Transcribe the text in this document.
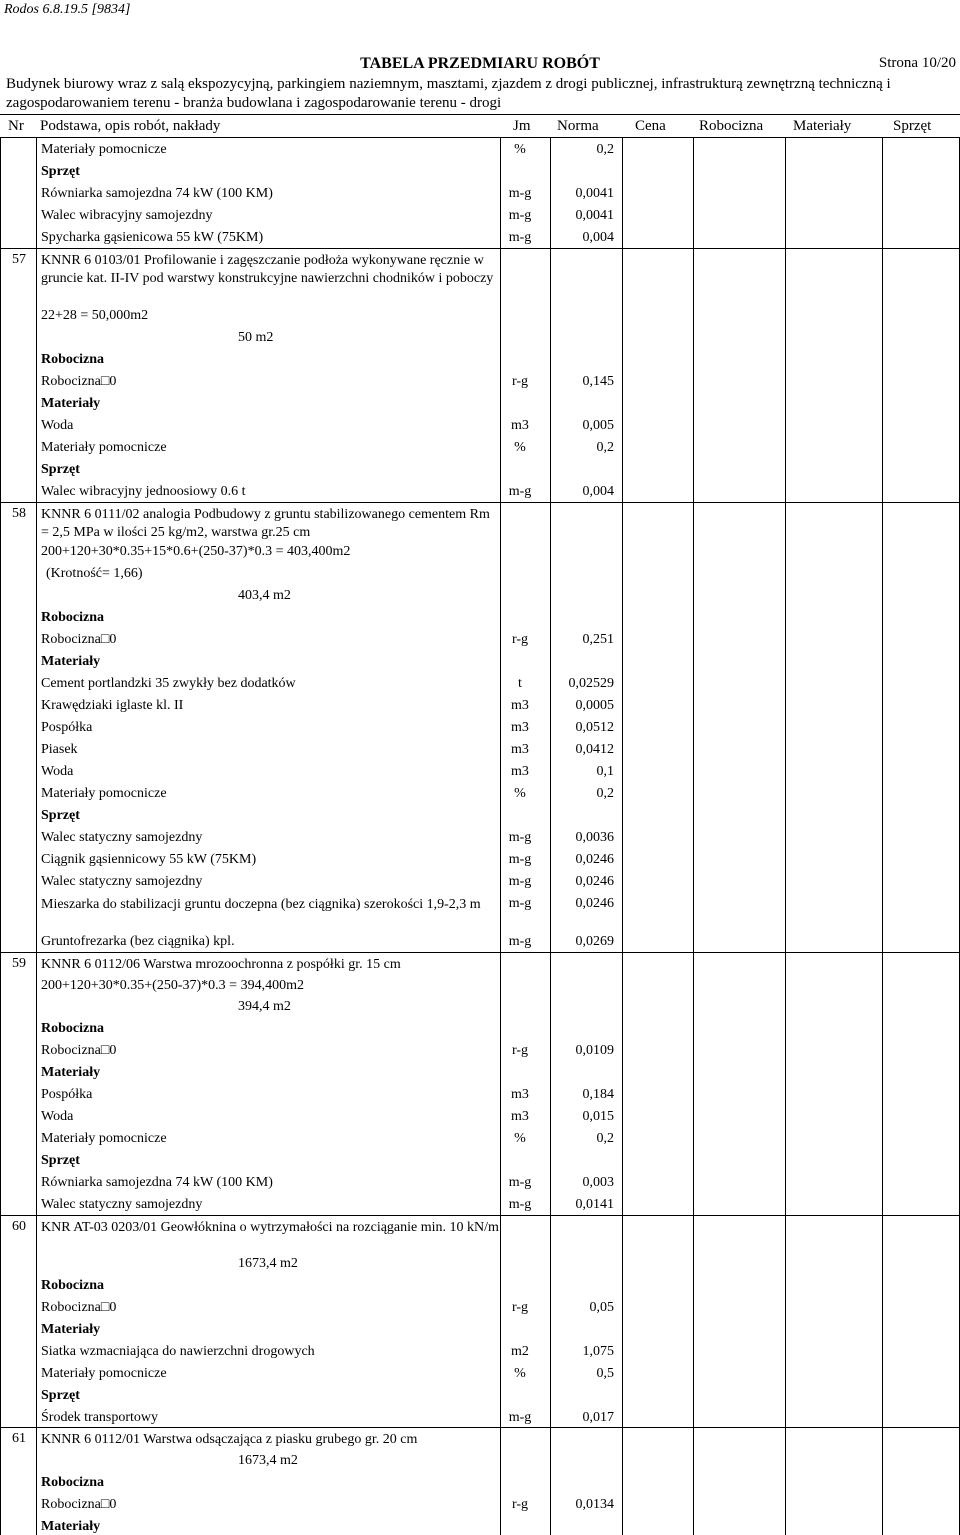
Rodos 6.8.19.5 [9834]
TABELA PRZEDMIARU ROBÓT	Strona 10/20
Budynek biurowy wraz z salą ekspozycyjną, parkingiem naziemnym, masztami, zjazdem z drogi publicznej, infrastrukturą zewnętrzną techniczną i
zagospodarowaniem terenu - branża budowlana i zagospodarowanie terenu - drogi
Nr Podstawa, opis robót, nakłady	Jm Norma Cena Robocizna Materiały	Sprzęt
Materiały pomocnicze	%	0,2
Sprzęt
Równiarka samojezdna 74 kW (100 KM)	m-g	0,0041
Walec wibracyjny samojezdny	m-g	0,0041
Spycharka gąsienicowa 55 kW (75KM)	m-g	0,004
57 KNNR 6 0103/01 Profilowanie i zagęszczanie podłoża wykonywane ręcznie w gruncie kat. II-IV pod warstwy konstrukcyjne nawierzchni chodników i poboczy
22+28 = 50,000m2
50 m2
Robocizna
Robocizna□0	r-g	0,145
Materiały
Woda	m3	0,005
Materiały pomocnicze	%	0,2
Sprzęt
Walec wibracyjny jednoosiowy 0.6 t	m-g	0,004
58 KNNR 6 0111/02 analogia Podbudowy z gruntu stabilizowanego cementem Rm = 2,5 MPa w ilości 25 kg/m2, warstwa gr.25 cm
200+120+30*0.35+15*0.6+(250-37)*0.3 = 403,400m2
(Krotność= 1,66)
403,4 m2
Robocizna
Robocizna□0	r-g	0,251
Materiały
Cement portlandzki 35 zwykły bez dodatków	t	0,02529
Krawędziaki iglaste kl. II	m3	0,0005
Pospółka	m3	0,0512
Piasek	m3	0,0412
Woda	m3	0,1
Materiały pomocnicze	%	0,2
Sprzęt
Walec statyczny samojezdny	m-g	0,0036
Ciągnik gąsiennicowy 55 kW (75KM)	m-g	0,0246
Walec statyczny samojezdny	m-g	0,0246
Mieszarka do stabilizacji gruntu doczepna (bez ciągnika) szerokości 1,9-2,3 m	m-g	0,0246
Gruntofrezarka (bez ciągnika) kpl.	m-g	0,0269
59 KNNR 6 0112/06 Warstwa mrozoochronna z pospółki gr. 15 cm
200+120+30*0.35+(250-37)*0.3 = 394,400m2
394,4 m2
Robocizna
Robocizna□0	r-g	0,0109
Materiały
Pospółka	m3	0,184
Woda	m3	0,015
Materiały pomocnicze	%	0,2
Sprzęt
Równiarka samojezdna 74 kW (100 KM)	m-g	0,003
Walec statyczny samojezdny	m-g	0,0141
60 KNR AT-03 0203/01 Geowłóknina o wytrzymałości na rozciąganie min. 10 kN/m
1673,4 m2
Robocizna
Robocizna□0	r-g	0,05
Materiały
Siatka wzmacniająca do nawierzchni drogowych	m2	1,075
Materiały pomocnicze	%	0,5
Sprzęt
Środek transportowy	m-g	0,017
61 KNNR 6 0112/01 Warstwa odsączająca z piasku grubego gr. 20 cm
1673,4 m2
Robocizna
Robocizna□0	r-g	0,0134
Materiały
